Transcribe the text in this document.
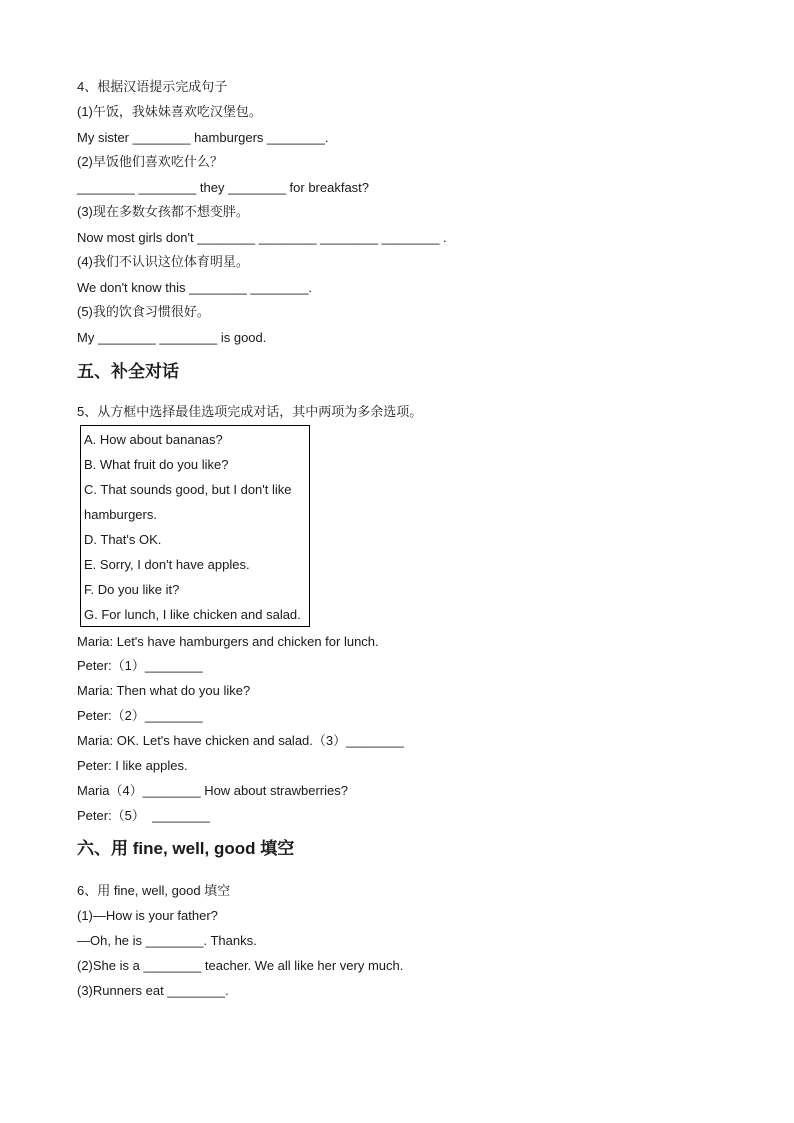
4、根据汉语提示完成句子
(1)午饭，我妹妹喜欢吃汉堡包。
My sister ________ hamburgers ________.
(2)早饭他们喜欢吃什么？
________ ________ they ________ for breakfast?
(3)现在多数女孩都不想变胖。
Now most girls don't ________ ________ ________ ________ .
(4)我们不认识这位体育明星。
We don't know this ________ ________.
(5)我的饮食习惯很好。
My ________ ________ is good.
五、补全对话
5、从方框中选择最佳选项完成对话，其中两项为多余选项。
A. How about bananas?
B. What fruit do you like?
C. That sounds good, but I don't like
hamburgers.
D. That's OK.
E. Sorry, I don't have apples.
F. Do you like it?
G. For lunch, I like chicken and salad.
Maria: Let's have hamburgers and chicken for lunch.
Peter:（1）________
Maria: Then what do you like?
Peter:（2）________
Maria: OK. Let's have chicken and salad.（3）________
Peter: I like apples.
Maria（4）________ How about strawberries?
Peter:（5）  ________
六、用 fine, well, good 填空
6、用 fine, well, good 填空
(1)—How is your father?
—Oh, he is ________. Thanks.
(2)She is a ________ teacher. We all like her very much.
(3)Runners eat ________.
